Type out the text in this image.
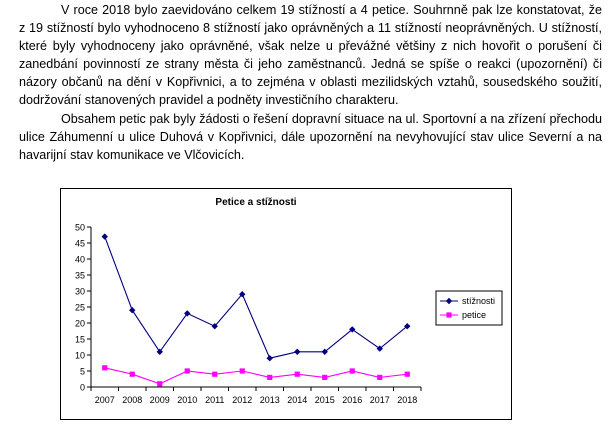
V roce 2018 bylo zaevidováno celkem 19 stížností a 4 petice. Souhrnně pak lze konstatovat, že z 19 stížností bylo vyhodnoceno 8 stížností jako oprávněných a 11 stížností neoprávněných. U stížností, které byly vyhodnoceny jako oprávněné, však nelze u převážné většiny z nich hovořit o porušení či zanedbání povinností ze strany města či jeho zaměstnanců. Jedná se spíše o reakci (upozornění) či názory občanů na dění v Kopřivnici, a to zejména v oblasti mezilidských vztahů, sousedského soužití, dodržování stanovených pravidel a podněty investičního charakteru.

Obsahem petic pak byly žádosti o řešení dopravní situace na ul. Sportovní a na zřízení přechodu ulice Záhumenní u ulice Duhová v Kopřivnici, dále upozornění na nevyhovující stav ulice Severní a na havarijní stav komunikace ve Vlčovicích.

Petice a stížnosti
0
5
10
15
20
25
30
35
40
45
50
2007 2008 2009 2010 2011 2012 2013 2014 2015 2016 2017 2018
stížnosti
petice
